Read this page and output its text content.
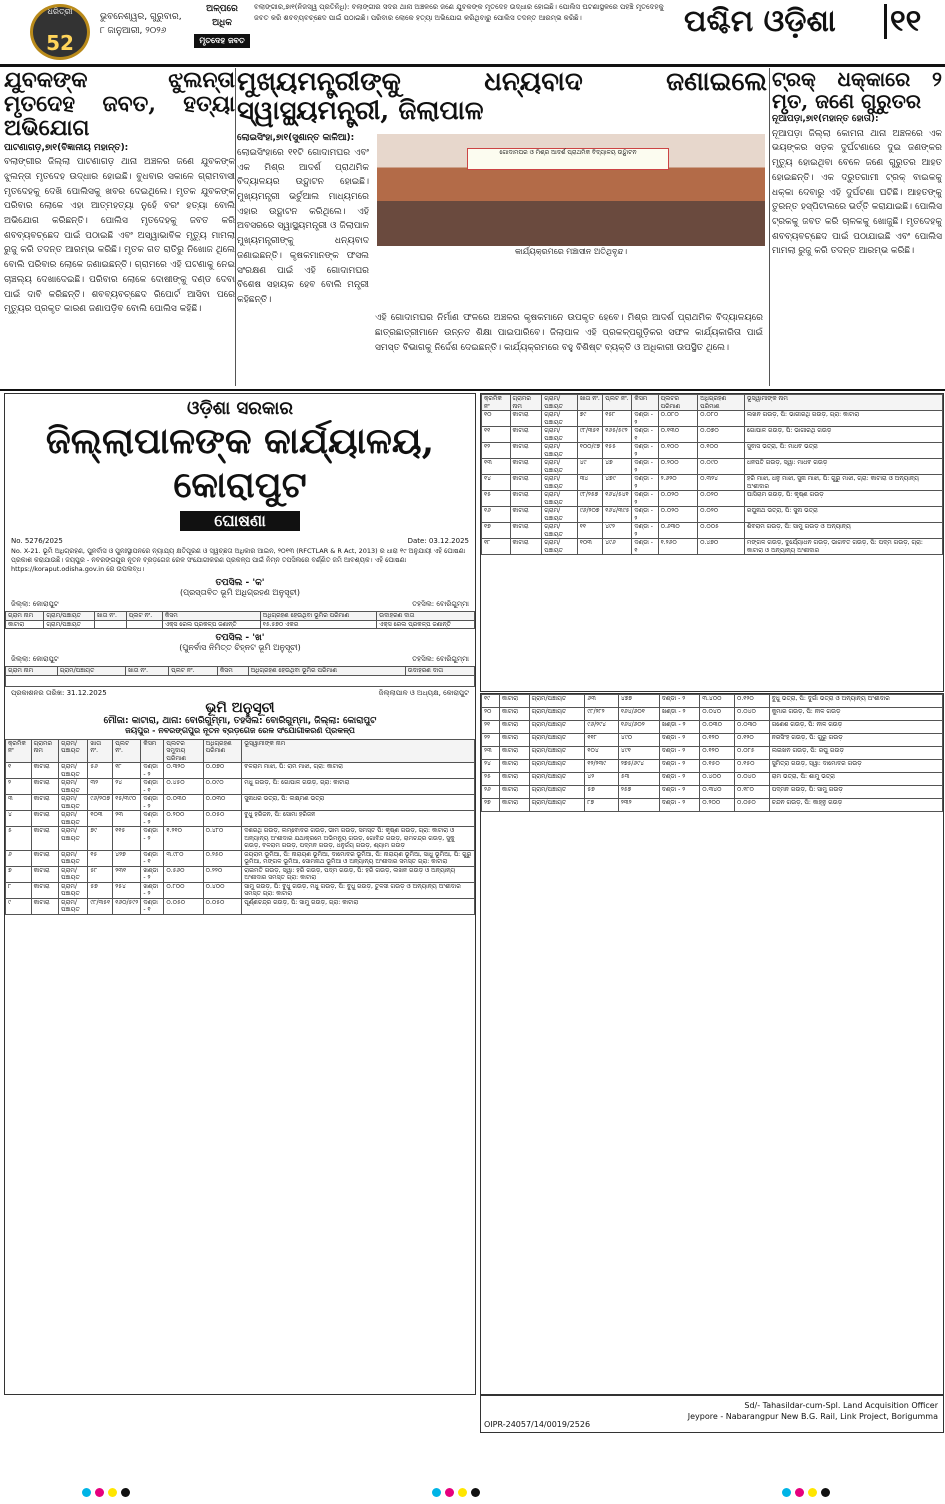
ଧରିତ୍ରୀ
52
ଭୁବନେଶ୍ୱର, ଗୁରୁବାର,
୮ ଜାନୁଆରୀ, ୨୦୨୬
ଅଳ୍ପରେ
ଅଧିକ
ମୃତଦେହ ଜବତ
ବଲାଙ୍ଗୀର,୭ା୧(ନିଜସ୍ୱ ପ୍ରତିନିଧି): ବଲାଙ୍ଗୀର ସଦର ଥାନା ଅଞ୍ଚଳରେ ଜଣେ ଯୁବକଙ୍କ ମୃତଦେହ ଉଦ୍ଧାର ହୋଇଛି। ପୋଲିସ ଘଟଣାସ୍ଥଳରେ ପହଞ୍ଚି ମୃତଦେହକୁ ଜବତ କରି ଶବବ୍ୟବଚ୍ଛେଦ ପାଇଁ ପଠାଇଛି। ପରିବାର ଲୋକେ ହତ୍ୟା ଅଭିଯୋଗ କରିଥିବାରୁ ପୋଲିସ ତଦନ୍ତ ଆରମ୍ଭ କରିଛି।	ପଶ୍ଚିମ ଓଡ଼ିଶା	୧୧
ଯୁବକଙ୍କ ଝୁଲନ୍ତା ମୃତଦେହ ଜବତ, ହତ୍ୟା ଅଭିଯୋଗ
ପାଟଣାଗଡ଼,୭ା୧(ବିଜ୍ଞାନୀୟ ମହାନ୍ତ):
ବଲାଙ୍ଗୀର ଜିଲ୍ଲା ପାଟଣାଗଡ଼ ଥାନା ଅଞ୍ଚଳର ଜଣେ ଯୁବକଙ୍କ ଝୁଲନ୍ତା ମୃତଦେହ ଉଦ୍ଧାର ହୋଇଛି। ବୁଧବାର ସକାଳେ ଗ୍ରାମବାସୀ ମୃତଦେହକୁ ଦେଖି ପୋଲିସକୁ ଖବର ଦେଇଥିଲେ। ମୃତକ ଯୁବକଙ୍କ ପରିବାର ଲୋକେ ଏହା ଆତ୍ମହତ୍ୟା ନୁହେଁ ବରଂ ହତ୍ୟା ବୋଲି ଅଭିଯୋଗ କରିଛନ୍ତି। ପୋଲିସ ମୃତଦେହକୁ ଜବତ କରି ଶବବ୍ୟବଚ୍ଛେଦ ପାଇଁ ପଠାଇଛି ଏବଂ ଅସ୍ୱାଭାବିକ ମୃତ୍ୟୁ ମାମଲା ରୁଜୁ କରି ତଦନ୍ତ ଆରମ୍ଭ କରିଛି। ମୃତକ ଗତ ରାତିରୁ ନିଖୋଜ ଥିଲେ ବୋଲି ପରିବାର ଲୋକେ ଜଣାଇଛନ୍ତି। ଗ୍ରାମରେ ଏହି ଘଟଣାକୁ ନେଇ ଚାଞ୍ଚଲ୍ୟ ଦେଖାଦେଇଛି। ପରିବାର ଲୋକେ ଦୋଷୀଙ୍କୁ ଦଣ୍ଡ ଦେବା ପାଇଁ ଦାବି କରିଛନ୍ତି। ଶବବ୍ୟବଚ୍ଛେଦ ରିପୋର୍ଟ ଆସିବା ପରେ ମୃତ୍ୟୁର ପ୍ରକୃତ କାରଣ ଜଣାପଡ଼ିବ ବୋଲି ପୋଲିସ କହିଛି।
ମୁଖ୍ୟମନ୍ତ୍ରୀଙ୍କୁ ଧନ୍ୟବାଦ ଜଣାଇଲେ ସ୍ୱାସ୍ଥ୍ୟମନ୍ତ୍ରୀ, ଜିଲାପାଳ
ଲୋଇସିଂହା,୭ା୧(ସୁଶାନ୍ତ କାଳିଆ):
ଲୋଇସିଂହାରେ ୧୧ଟି ଗୋଦାମଘର ଏବଂ ଏକ ମିଶ୍ର ଆଦର୍ଶ ପ୍ରାଥମିକ ବିଦ୍ୟାଳୟର ଉଦ୍ଘାଟନ ହୋଇଛି। ମୁଖ୍ୟମନ୍ତ୍ରୀ ଭର୍ଚୁଆଲ ମାଧ୍ୟମରେ ଏହାର ଉଦ୍ଘାଟନ କରିଥିଲେ। ଏହି ଅବସରରେ ସ୍ୱାସ୍ଥ୍ୟମନ୍ତ୍ରୀ ଓ ଜିଲାପାଳ ମୁଖ୍ୟମନ୍ତ୍ରୀଙ୍କୁ ଧନ୍ୟବାଦ ଜଣାଇଛନ୍ତି। କୃଷକମାନଙ୍କ ଫସଲ ସଂରକ୍ଷଣ ପାଇଁ ଏହି ଗୋଦାମଘର ବିଶେଷ ସହାୟକ ହେବ ବୋଲି ମନ୍ତ୍ରୀ କହିଛନ୍ତି।
ଏହି ଗୋଦାମଘର ନିର୍ମାଣ ଫଳରେ ଅଞ୍ଚଳର କୃଷକମାନେ ଉପକୃତ ହେବେ। ମିଶ୍ର ଆଦର୍ଶ ପ୍ରାଥମିକ ବିଦ୍ୟାଳୟରେ ଛାତ୍ରଛାତ୍ରୀମାନେ ଉନ୍ନତ ଶିକ୍ଷା ପାଇପାରିବେ। ଜିଲାପାଳ ଏହି ପ୍ରକଳ୍ପଗୁଡ଼ିକର ସଫଳ କାର୍ଯ୍ୟକାରିତା ପାଇଁ ସମସ୍ତ ବିଭାଗକୁ ନିର୍ଦ୍ଦେଶ ଦେଇଛନ୍ତି। କାର୍ଯ୍ୟକ୍ରମରେ ବହୁ ବିଶିଷ୍ଟ ବ୍ୟକ୍ତି ଓ ଅଧିକାରୀ ଉପସ୍ଥିତ ଥିଲେ।
ଗୋଦାମଘର ଓ ମିଶ୍ର ଆଦର୍ଶ ପ୍ରାଥମିକ ବିଦ୍ୟାଳୟ ଉଦ୍ଘାଟନ
କାର୍ଯ୍ୟକ୍ରମରେ ମଞ୍ଚାସୀନ ଅତିଥିବୃନ୍ଦ।
ଟ୍ରକ୍ ଧକ୍କାରେ ୨ ମୃତ, ଜଣେ ଗୁରୁତର
ନୂଆପଡ଼ା,୭ା୧(ମହାନ୍ତ ହୋତା):
ନୂଆପଡ଼ା ଜିଲ୍ଲା କୋମନା ଥାନା ଅଞ୍ଚଳରେ ଏକ ଭୟଙ୍କର ସଡ଼କ ଦୁର୍ଘଟଣାରେ ଦୁଇ ଜଣଙ୍କର ମୃତ୍ୟୁ ହୋଇଥିବା ବେଳେ ଜଣେ ଗୁରୁତର ଆହତ ହୋଇଛନ୍ତି। ଏକ ଦ୍ରୁତଗାମୀ ଟ୍ରକ୍ ବାଇକକୁ ଧକ୍କା ଦେବାରୁ ଏହି ଦୁର୍ଘଟଣା ଘଟିଛି। ଆହତଙ୍କୁ ତୁରନ୍ତ ହସ୍ପିଟାଲରେ ଭର୍ତ୍ତି କରାଯାଇଛି। ପୋଲିସ ଟ୍ରକକୁ ଜବତ କରି ଚାଳକକୁ ଖୋଜୁଛି। ମୃତଦେହକୁ ଶବବ୍ୟବଚ୍ଛେଦ ପାଇଁ ପଠାଯାଇଛି ଏବଂ ପୋଲିସ ମାମଲା ରୁଜୁ କରି ତଦନ୍ତ ଆରମ୍ଭ କରିଛି।
ଓଡ଼ିଶା ସରକାର
ଜିଲ୍ଲାପାଳଙ୍କ କାର୍ଯ୍ୟାଳୟ, କୋରାପୁଟ
ଘୋଷଣା
No. 5276/2025	Date: 03.12.2025
No. X-21. ଭୂମି ଅଧିଗ୍ରହଣ, ପୁନର୍ବାସ ଓ ପୁନଃସ୍ଥାପନରେ ନ୍ୟାଯ୍ୟ କ୍ଷତିପୂରଣ ଓ ସ୍ୱଚ୍ଛତା ଅଧିକାର ଆଇନ, ୨୦୧୩ (RFCTLAR & R Act, 2013) ର ଧାରା ୧୯ ଅନୁଯାୟୀ ଏହି ଘୋଷଣା ପ୍ରକାଶ କରାଯାଉଛି। ଜୟପୁର - ନବରଙ୍ଗପୁର ନୂତନ ବ୍ରଡ଼ଗେଜ ରେଳ ସଂଯୋଗୀକରଣ ପ୍ରକଳ୍ପ ପାଇଁ ନିମ୍ନ ତପସିଲରେ ବର୍ଣ୍ଣିତ ଜମି ଆବଶ୍ୟକ। ଏହି ଘୋଷଣା https://koraput.odisha.gov.in ରେ ଉପଲବ୍ଧ।
ତପସିଲ - 'କ'
(ପ୍ରସ୍ତାବିତ ଭୂମି ଅଧିଗ୍ରହଣ ଅନୁସୂଚୀ)
ଜିଲ୍ଲା: କୋରାପୁଟ	ତହସିଲ: ବୋରିଗୁମ୍ମା
ଗ୍ରାମ ନାମ	ଗ୍ରାମ/ପଞ୍ଚାୟତ	ଖାତା ନଂ.	ପ୍ଲଟ ନଂ.	କିସମ	ଅଧିଗ୍ରହଣ ହେଉଥିବା ଭୂମିର ପରିମାଣ	ଉଦାହରଣ ଦାତା
କାଟାରା	ଗ୍ରାମ/ପଞ୍ଚାୟତ			ଏକ୍ସ ରେଲ ପ୍ରକଳ୍ପ ଜଣାନ୍ତି	୧୫.୫୭୦ ଏକର	ଏକ୍ସ ରେଲ ପ୍ରକଳ୍ପ ଜଣାନ୍ତି
ତପସିଲ - 'ଖ'
(ପୁନର୍ବାସ ନିମିତ୍ତ ଚିହ୍ନଟ ଭୂମି ଅନୁସୂଚୀ)
ଜିଲ୍ଲା: କୋରାପୁଟ	ତହସିଲ: ବୋରିଗୁମ୍ମା
ଗ୍ରାମ ନାମ	ଗ୍ରାମ/ପଞ୍ଚାୟତ	ଖାତା ନଂ.	ପ୍ଲଟ ନଂ.	କିସମ	ଅଧିଗ୍ରହଣ ହେଉଥିବା ଭୂମିର ପରିମାଣ	ଉଦାହରଣ ଦାତା

ପ୍ରକାଶନର ତାରିଖ: 31.12.2025	ଜିଲ୍ଲାପାଳ ଓ ଅଧ୍ୟକ୍ଷ, କୋରାପୁଟ
ଭୂମି ଅନୁସୂଚୀ
ମୌଜା: କାଟାରା, ଥାନା: ବୋରିଗୁମ୍ମା, ତହସିଲ: ବୋରିଗୁମ୍ମା, ଜିଲ୍ଲା: କୋରାପୁଟ
ଜୟପୁର - ନବରଙ୍ଗପୁର ନୂତନ ବ୍ରଡ଼ଗେଜ ରେଳ ସଂଯୋଗୀକରଣ ପ୍ରକଳ୍ପ
କ୍ରମିକ ନଂ	ଗ୍ରାମର ନାମ	ଗ୍ରାମ/ପଞ୍ଚାୟତ	ଖାତା ନଂ.	ପ୍ଲଟ ନଂ.	କିସମ	ପ୍ଲଟର ସମୁଦାୟ ପରିମାଣ	ଅଧିଗ୍ରହଣ ପରିମାଣ	ଭୂସ୍ୱାମୀଙ୍କ ନାମ
୧	କାଟାରା	ଗ୍ରାମ/ପଞ୍ଚାୟତ	୫୬	୧୮	ଦଣ୍ଡା - ୨	୦.୩୨୦	୦.୦୭୦	ବଳରାମ ମାଝୀ, ପି: ରାମ ମାଝୀ, ଗ୍ରା: କାଟାରା
୨	କାଟାରା	ଗ୍ରାମ/ପଞ୍ଚାୟତ	୩୨	୨୪	ଦଣ୍ଡା - ୧	୦.୪୫୦	୦.୦୯୦	ମଧୁ ଗଉଡ଼, ପି: ଗୋପାଳ ଗଉଡ଼, ଗ୍ରା: କାଟାରା
୩	କାଟାରା	ଗ୍ରାମ/ପଞ୍ଚାୟତ	୯୬/୨୦୭	୧୫/୩୯୦	ଦଣ୍ଡା - ୨	୦.୦୩୦	୦.୦୩୦	ସୁନାଧର ଭତ୍ରା, ପି: ଲକ୍ଷ୍ମଣ ଭତ୍ରା
୪	କାଟାରା	ଗ୍ରାମ/ପଞ୍ଚାୟତ	୧୦୩	୨୩	ଦଣ୍ଡା - ୨	୦.୨୦୦	୦.୦୫୦	ବୁଧୁ ହରିଜନ, ପି: ସୋମା ହରିଜନ
୫	କାଟାରା	ଗ୍ରାମ/ପଞ୍ଚାୟତ	୭୯	୧୧୫	ଦଣ୍ଡା - ୨	୧.୨୧୦	୦.୪୮୦	ଦଶରଥି ଗଉଡ଼, ଲମ୍ବୋଦର ଗଉଡ଼, ଭୀମ ଗଉଡ଼, ସମସ୍ତ ପି: କୃଷ୍ଣ ଗଉଡ଼, ଗ୍ରା: କାଟାରା ଓ ଅନ୍ୟାନ୍ୟ ଅଂଶୀଦାର ଯଥାକ୍ରମେ ଅଭିମନ୍ୟୁ ଗଉଡ଼, ଗୋବିନ୍ଦ ଗଉଡ଼, ରାମଚନ୍ଦ୍ର ଗଉଡ଼, ସୁକୁ ଗଉଡ଼, ବଳରାମ ଗଉଡ଼, ପଦ୍ମନ ଗଉଡ଼, ଧନୁର୍ଜୟ ଗଉଡ଼, ଶ୍ୟାମ ଗଉଡ଼
୬	କାଟାରା	ଗ୍ରାମ/ପଞ୍ଚାୟତ	୧୫	୪୨୭	ଦଣ୍ଡା - ୧	୩.୯୮୦	୦.୨୫୦	ଜୟରାମ ଭୂମିଆ, ପି: ନାରାୟଣ ଭୂମିଆ, ଦାମୋଦର ଭୂମିଆ, ପି: ନାରାୟଣ ଭୂମିଆ, ସାଧୁ ଭୂମିଆ, ପି: ଗୁରୁ ଭୂମିଆ, ମଙ୍ଗଳ ଭୂମିଆ, ସୋମନାଥ ଭୂମିଆ ଓ ଅନ୍ୟାନ୍ୟ ଅଂଶୀଦାର ସମସ୍ତ ଗ୍ରା: କାଟାରା
୭	କାଟାରା	ଗ୍ରାମ/ପଞ୍ଚାୟତ	୫୮	୨୩୧	ଖଣ୍ଡା - ୨	୦.୫୬୦	୦.୨୨୦	ରାଇମତି ଗଉଡ଼, ସ୍ୱା: ହରି ଗଉଡ଼, ପଦ୍ମ ଗଉଡ଼, ପି: ହରି ଗଉଡ଼, ଲଖନ ଗଉଡ଼ ଓ ଅନ୍ୟାନ୍ୟ ଅଂଶୀଦାର ସମସ୍ତ ଗ୍ରା: କାଟାରା
୮	କାଟାରା	ଗ୍ରାମ/ପଞ୍ଚାୟତ	୫୭	୨୫୪	ଖଣ୍ଡା - ୨	୦.୮୦୦	୦.୪୦୦	ସାମୁ ଗଉଡ଼, ପି: ବୁଧୁ ଗଉଡ଼, ମଧୁ ଗଉଡ଼, ପି: ବୁଧୁ ଗଉଡ଼, ତୁଳସୀ ଗଉଡ଼ ଓ ଅନ୍ୟାନ୍ୟ ଅଂଶୀଦାର ସମସ୍ତ ଗ୍ରା: କାଟାରା
୯	କାଟାରା	ଗ୍ରାମ/ପଞ୍ଚାୟତ	୯୮/୩୫୧	୧୬୦/୫୯୨	ଦଣ୍ଡା - ୧	୦.୦୫୦	୦.୦୫୦	ପୂର୍ଣ୍ଣଚନ୍ଦ୍ର ଗଉଡ଼, ପି: ସାମୁ ଗଉଡ଼, ଗ୍ରା: କାଟାରା
କ୍ରମିକ ନଂ	ଗ୍ରାମର ନାମ	ଗ୍ରାମ/ପଞ୍ଚାୟତ	ଖାତା ନଂ.	ପ୍ଲଟ ନଂ.	କିସମ	ପ୍ଲଟର ପରିମାଣ	ଅଧିଗ୍ରହଣ ପରିମାଣ	ଭୂସ୍ୱାମୀଙ୍କ ନାମ
୧୦	କାଟାରା	ଗ୍ରାମ/ପଞ୍ଚାୟତ	୭୯	୧୫୮	ଦଣ୍ଡା - ୨	୦.୦୮୦	୦.୦୮୦	ଲଖନ ଗଉଡ଼, ପି: ଭାଗୀରଥି ଗଉଡ଼, ଗ୍ରା: କାଟାରା
୧୧	କାଟାରା	ଗ୍ରାମ/ପଞ୍ଚାୟତ	୯୮/୩୫୧	୧୬୫/୫୯୨	ଦଣ୍ଡା - ୧	୦.୧୩୦	୦.୦୭୦	ଗୋପାଳ ଗଉଡ଼, ପି: ଭାଗୀରଥି ଗଉଡ଼
୧୨	କାଟାରା	ଗ୍ରାମ/ପଞ୍ଚାୟତ	୧୦୦/୯୭	୧୫୫	ଦଣ୍ଡା - ୨	୦.୧୦୦	୦.୧୦୦	ସୁବାସ ଭତ୍ରା, ପି: ମାଧବ ଭତ୍ରା
୧୩	କାଟାରା	ଗ୍ରାମ/ପଞ୍ଚାୟତ	୪୯	୪୭	ଦଣ୍ଡା - ୨	୦.୨୦୦	୦.୦୯୦	ଧନପତି ଗଉଡ଼, ସ୍ୱା: ମାଧବ ଗଉଡ଼
୧୪	କାଟାରା	ଗ୍ରାମ/ପଞ୍ଚାୟତ	୩୪	୪୭୯	ଦଣ୍ଡା - ୨	୨.୬୨୦	୦.୩୨୪	ହରି ମାଝୀ, ଧନୁ ମାଝୀ, ସୁନା ମାଝୀ, ପି: ଗୁରୁ ମାଝୀ, ଗ୍ରା: କାଟାରା ଓ ଅନ୍ୟାନ୍ୟ ଅଂଶୀଦାର
୧୫	କାଟାରା	ଗ୍ରାମ/ପଞ୍ଚାୟତ	୯୮/୨୫୭	୧୬୪/୫୪୧	ଦଣ୍ଡା - ୨	୦.୦୨୦	୦.୦୨୦	ଘାସିରାମ ଗଉଡ଼, ପି: କୃଷ୍ଣ ଗଉଡ଼
୧୬	କାଟାରା	ଗ୍ରାମ/ପଞ୍ଚାୟତ	୯୬/୨୦୭	୧୬୪/୩୯୫	ଦଣ୍ଡା - ୨	୦.୦୨୦	୦.୦୨୦	ରଘୁନାଥ ଭତ୍ରା, ପି: ସୁନା ଭତ୍ରା
୧୭	କାଟାରା	ଗ୍ରାମ/ପଞ୍ଚାୟତ	୧୧	୪୯୨	ଦଣ୍ଡା - ୨	୦.୬୩୦	୦.୦୦୫	ଶିବରାମ ଗଉଡ଼, ପି: ସାମୁ ଗଉଡ଼ ଓ ଅନ୍ୟାନ୍ୟ
୧୮	କାଟାରା	ଗ୍ରାମ/ପଞ୍ଚାୟତ	୧୦୩	୪୯୬	ଦଣ୍ଡା - ୧	୧.୨୬୦	୦.୪୭୦	ମଙ୍ଗଳ ଗଉଡ଼, ଦୁର୍ଯ୍ୟୋଧନ ଗଉଡ଼, ଭାଗବତ ଗଉଡ଼, ପି: ପଦ୍ମ ଗଉଡ଼, ଗ୍ରା: କାଟାରା ଓ ଅନ୍ୟାନ୍ୟ ଅଂଶୀଦାର
୧୯	କାଟାରା	ଗ୍ରାମ/ପଞ୍ଚାୟତ	୬୩	୪୭୭	ଦଣ୍ଡା - ୨	୩.୪୦୦	୦.୧୨୦	ବୁଧୁ ଭତ୍ରା, ପି: ଦୁର୍ଗା ଭତ୍ରା ଓ ଅନ୍ୟାନ୍ୟ ଅଂଶୀଦାର
୨୦	କାଟାରା	ଗ୍ରାମ/ପଞ୍ଚାୟତ	୯୮/୨୮୨	୧୬୪/୬୦୧	ଖଣ୍ଡା - ୨	୦.୦୪୦	୦.୦୪୦	କୁମାର ଗଉଡ଼, ପି: ନୀଳ ଗଉଡ଼
୨୧	କାଟାରା	ଗ୍ରାମ/ପଞ୍ଚାୟତ	୯୬/୨୯୪	୧୬୪/୬୦୨	ଖଣ୍ଡା - ୨	୦.୦୩୦	୦.୦୩୦	ଗଣେଶ ଗଉଡ଼, ପି: ନୀଳ ଗଉଡ଼
୨୨	କାଟାରା	ଗ୍ରାମ/ପଞ୍ଚାୟତ	୧୧୮	୪୯୦	ଦଣ୍ଡା - ୨	୦.୧୨୦	୦.୧୨୦	ନରସିଂହ ଗଉଡ଼, ପି: ଗୁରୁ ଗଉଡ଼
୨୩	କାଟାରା	ଗ୍ରାମ/ପଞ୍ଚାୟତ	୧୦୪	୪୯୧	ଦଣ୍ଡା - ୨	୦.୧୨୦	୦.୦୮୫	ଲଇଖନ ଗଉଡ଼, ପି: ରଘୁ ଗଉଡ଼
୨୪	କାଟାରା	ଗ୍ରାମ/ପଞ୍ଚାୟତ	୧୨/୨୩୯	୨୭୫/୬୯୪	ଦଣ୍ଡା - ୨	୦.୧୫୦	୦.୧୫୦	ସୁମିତ୍ରା ଗଉଡ଼, ସ୍ୱା: ଦାମୋଦର ଗଉଡ଼
୨୫	କାଟାରା	ଗ୍ରାମ/ପଞ୍ଚାୟତ	୪୨	୫୩	ଦଣ୍ଡା - ୨	୦.୪୦୦	୦.୦୪୦	ରାମ ଭତ୍ରା, ପି: ଶାମୁ ଭତ୍ରା
୨୬	କାଟାରା	ଗ୍ରାମ/ପଞ୍ଚାୟତ	୫୭	୨୫୭	ଦଣ୍ଡା - ୨	୦.୩୪୦	୦.୧୮୦	ପଦ୍ମନ ଗଉଡ଼, ପି: ସାମୁ ଗଉଡ଼
୨୭	କାଟାରା	ଗ୍ରାମ/ପଞ୍ଚାୟତ	୮୭	୨୩୨	ଦଣ୍ଡା - ୨	୦.୨୦୦	୦.୦୫୦	ଚନ୍ଦନ ଗଉଡ଼, ପି: କାହ୍ନୁ ଗଉଡ଼
OIPR-24057/14/0019/2526
Sd/- Tahasildar-cum-Spl. Land Acquisition Officer
Jeypore - Nabarangpur New B.G. Rail, Link Project, Borigumma
